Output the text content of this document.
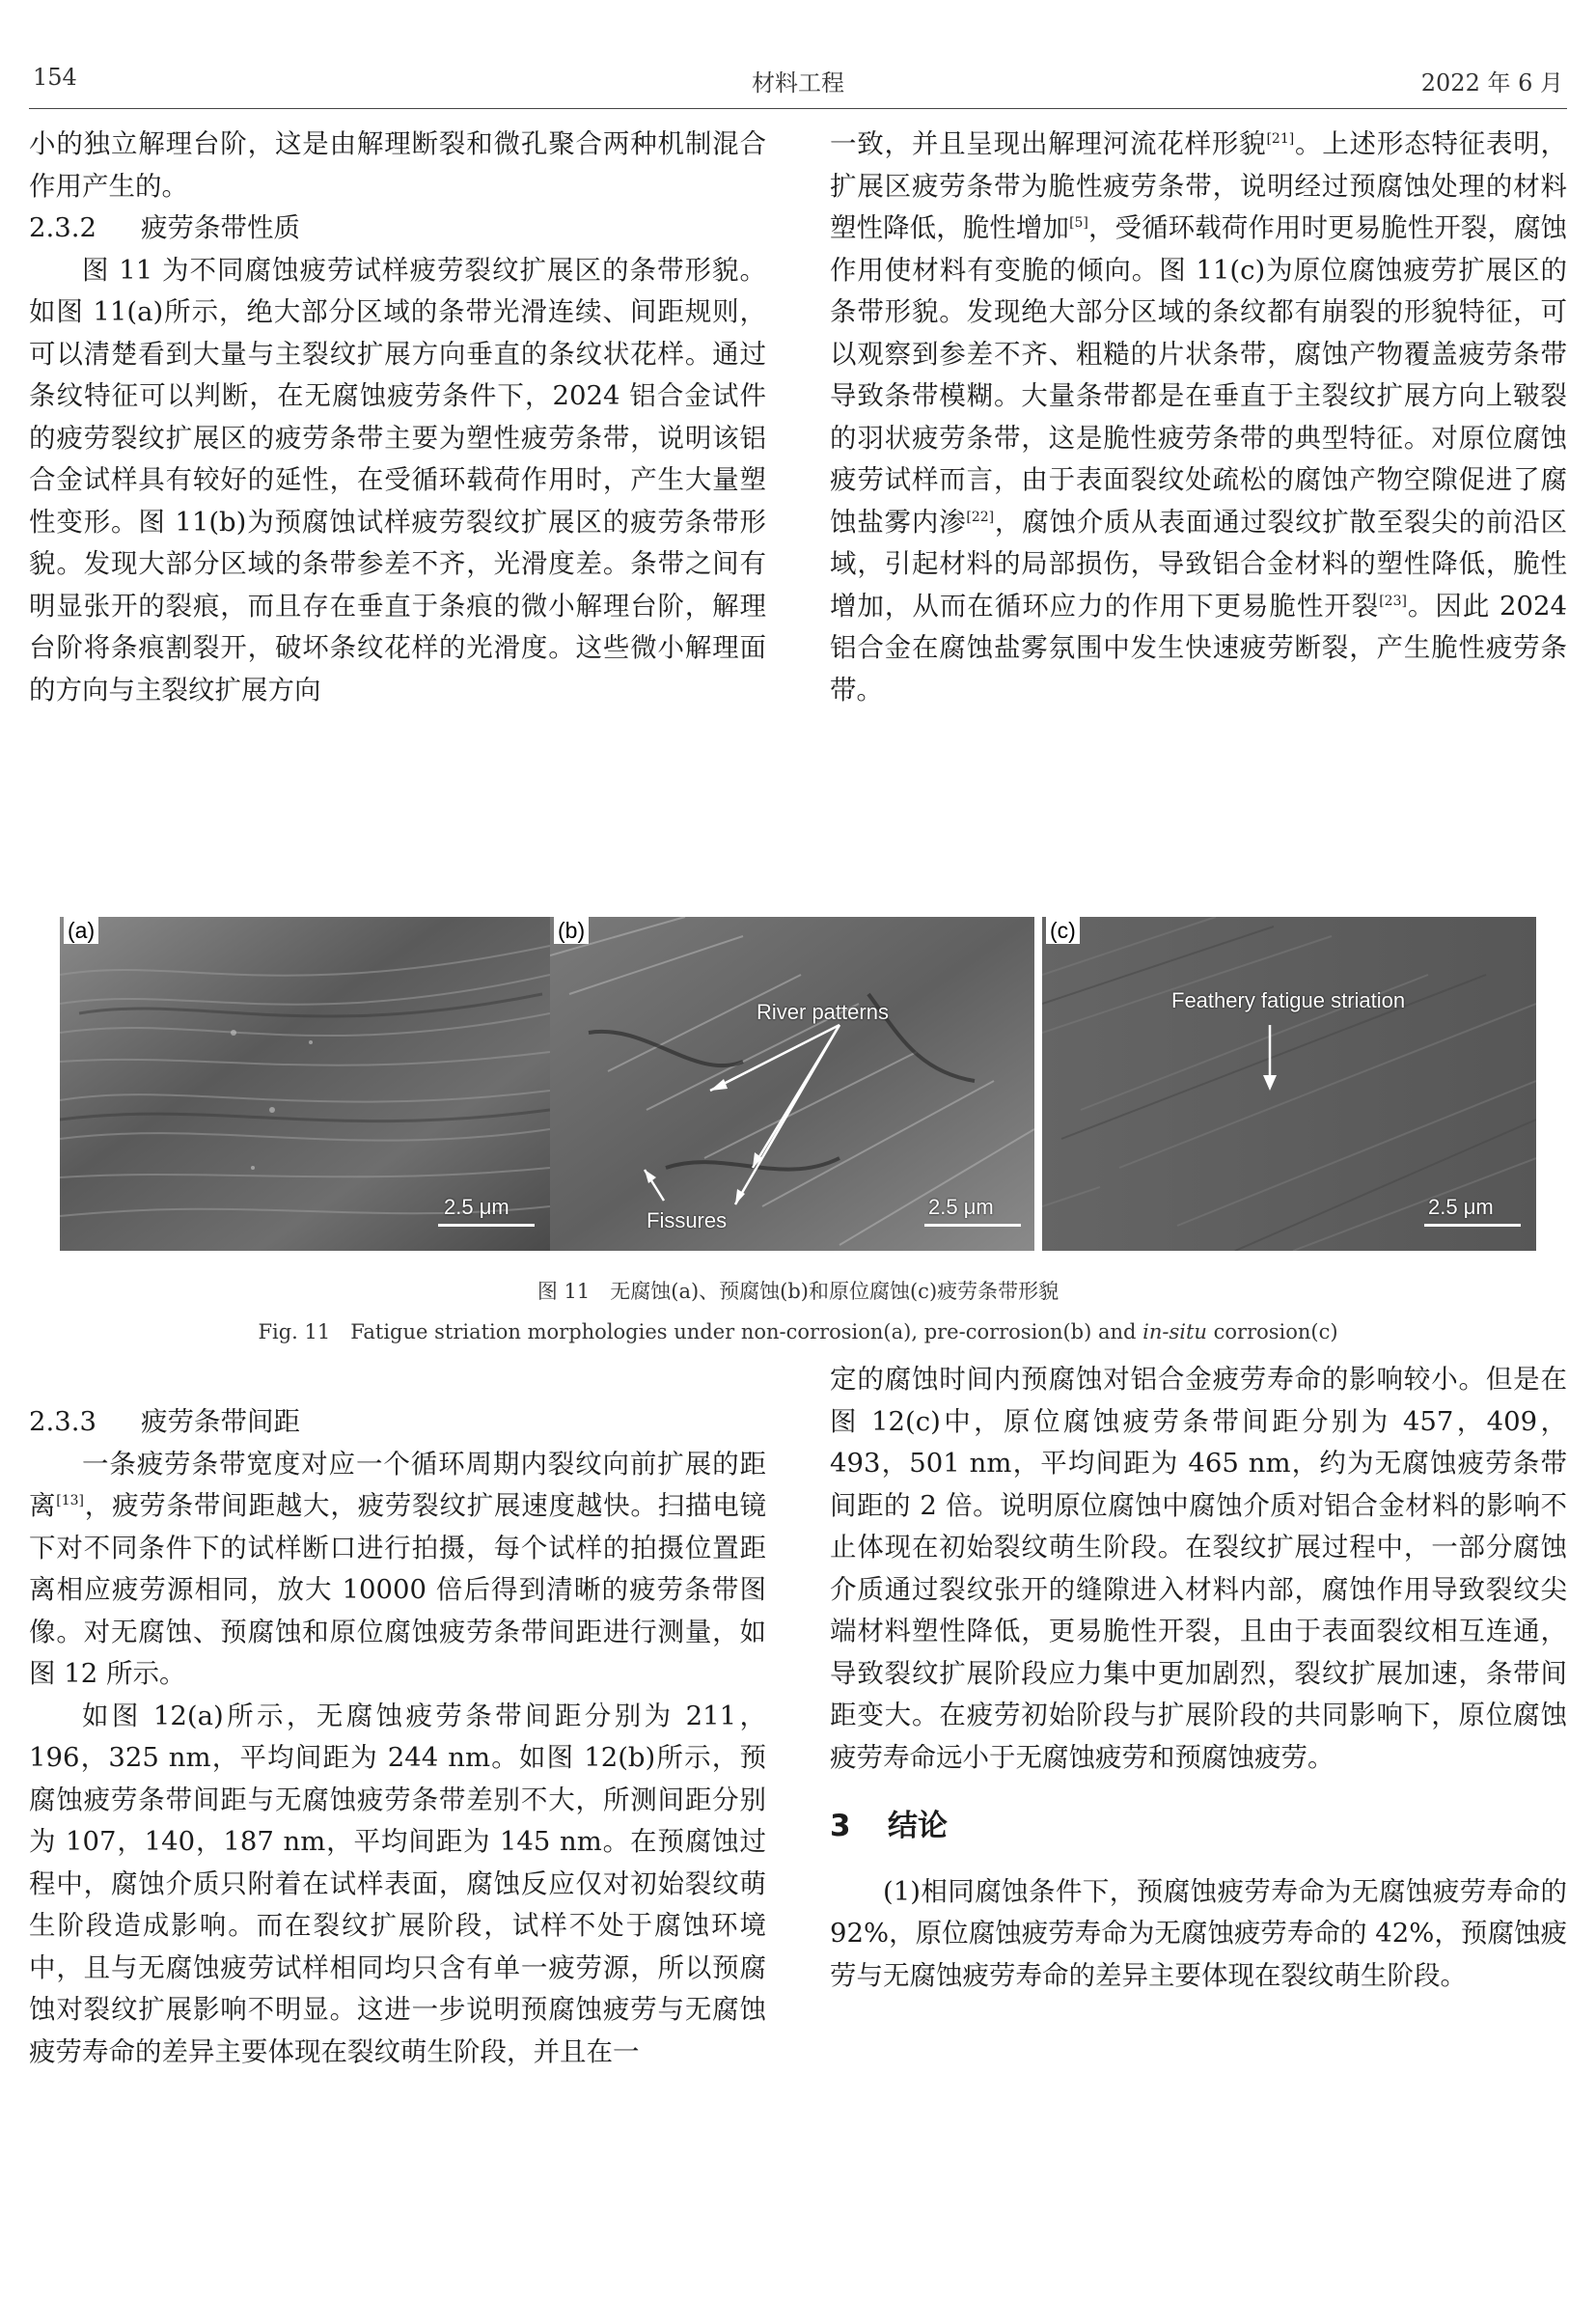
154	材料工程	2022 年 6 月

小的独立解理台阶，这是由解理断裂和微孔聚合两种机制混合作用产生的。

2.3.2 疲劳条带性质

图 11 为不同腐蚀疲劳试样疲劳裂纹扩展区的条带形貌。如图 11(a)所示，绝大部分区域的条带光滑连续、间距规则，可以清楚看到大量与主裂纹扩展方向垂直的条纹状花样。通过条纹特征可以判断，在无腐蚀疲劳条件下，2024 铝合金试件的疲劳裂纹扩展区的疲劳条带主要为塑性疲劳条带，说明该铝合金试样具有较好的延性，在受循环载荷作用时，产生大量塑性变形。图 11(b)为预腐蚀试样疲劳裂纹扩展区的疲劳条带形貌。发现大部分区域的条带参差不齐，光滑度差。条带之间有明显张开的裂痕，而且存在垂直于条痕的微小解理台阶，解理台阶将条痕割裂开，破坏条纹花样的光滑度。这些微小解理面的方向与主裂纹扩展方向

一致，并且呈现出解理河流花样形貌[21]。上述形态特征表明，扩展区疲劳条带为脆性疲劳条带，说明经过预腐蚀处理的材料塑性降低，脆性增加[5]，受循环载荷作用时更易脆性开裂，腐蚀作用使材料有变脆的倾向。图 11(c)为原位腐蚀疲劳扩展区的条带形貌。发现绝大部分区域的条纹都有崩裂的形貌特征，可以观察到参差不齐、粗糙的片状条带，腐蚀产物覆盖疲劳条带导致条带模糊。大量条带都是在垂直于主裂纹扩展方向上皲裂的羽状疲劳条带，这是脆性疲劳条带的典型特征。对原位腐蚀疲劳试样而言，由于表面裂纹处疏松的腐蚀产物空隙促进了腐蚀盐雾内渗[22]，腐蚀介质从表面通过裂纹扩散至裂尖的前沿区域，引起材料的局部损伤，导致铝合金材料的塑性降低，脆性增加，从而在循环应力的作用下更易脆性开裂[23]。因此 2024 铝合金在腐蚀盐雾氛围中发生快速疲劳断裂，产生脆性疲劳条带。

(a)
2.5 μm
(b)
River patterns
Fissures
2.5 μm
(c)
Feathery fatigue striation
2.5 μm
图 11　无腐蚀(a)、预腐蚀(b)和原位腐蚀(c)疲劳条带形貌
Fig. 11　Fatigue striation morphologies under non-corrosion(a), pre-corrosion(b) and in-situ corrosion(c)

2.3.3 疲劳条带间距

一条疲劳条带宽度对应一个循环周期内裂纹向前扩展的距离[13]，疲劳条带间距越大，疲劳裂纹扩展速度越快。扫描电镜下对不同条件下的试样断口进行拍摄，每个试样的拍摄位置距离相应疲劳源相同，放大 10000 倍后得到清晰的疲劳条带图像。对无腐蚀、预腐蚀和原位腐蚀疲劳条带间距进行测量，如图 12 所示。

如图 12(a)所示，无腐蚀疲劳条带间距分别为 211，196，325 nm，平均间距为 244 nm。如图 12(b)所示，预腐蚀疲劳条带间距与无腐蚀疲劳条带差别不大，所测间距分别为 107，140，187 nm，平均间距为 145 nm。在预腐蚀过程中，腐蚀介质只附着在试样表面，腐蚀反应仅对初始裂纹萌生阶段造成影响。而在裂纹扩展阶段，试样不处于腐蚀环境中，且与无腐蚀疲劳试样相同均只含有单一疲劳源，所以预腐蚀对裂纹扩展影响不明显。这进一步说明预腐蚀疲劳与无腐蚀疲劳寿命的差异主要体现在裂纹萌生阶段，并且在一

定的腐蚀时间内预腐蚀对铝合金疲劳寿命的影响较小。但是在图 12(c)中，原位腐蚀疲劳条带间距分别为 457，409，493，501 nm，平均间距为 465 nm，约为无腐蚀疲劳条带间距的 2 倍。说明原位腐蚀中腐蚀介质对铝合金材料的影响不止体现在初始裂纹萌生阶段。在裂纹扩展过程中，一部分腐蚀介质通过裂纹张开的缝隙进入材料内部，腐蚀作用导致裂纹尖端材料塑性降低，更易脆性开裂，且由于表面裂纹相互连通，导致裂纹扩展阶段应力集中更加剧烈，裂纹扩展加速，条带间距变大。在疲劳初始阶段与扩展阶段的共同影响下，原位腐蚀疲劳寿命远小于无腐蚀疲劳和预腐蚀疲劳。

3 结论

(1)相同腐蚀条件下，预腐蚀疲劳寿命为无腐蚀疲劳寿命的 92%，原位腐蚀疲劳寿命为无腐蚀疲劳寿命的 42%，预腐蚀疲劳与无腐蚀疲劳寿命的差异主要体现在裂纹萌生阶段。
